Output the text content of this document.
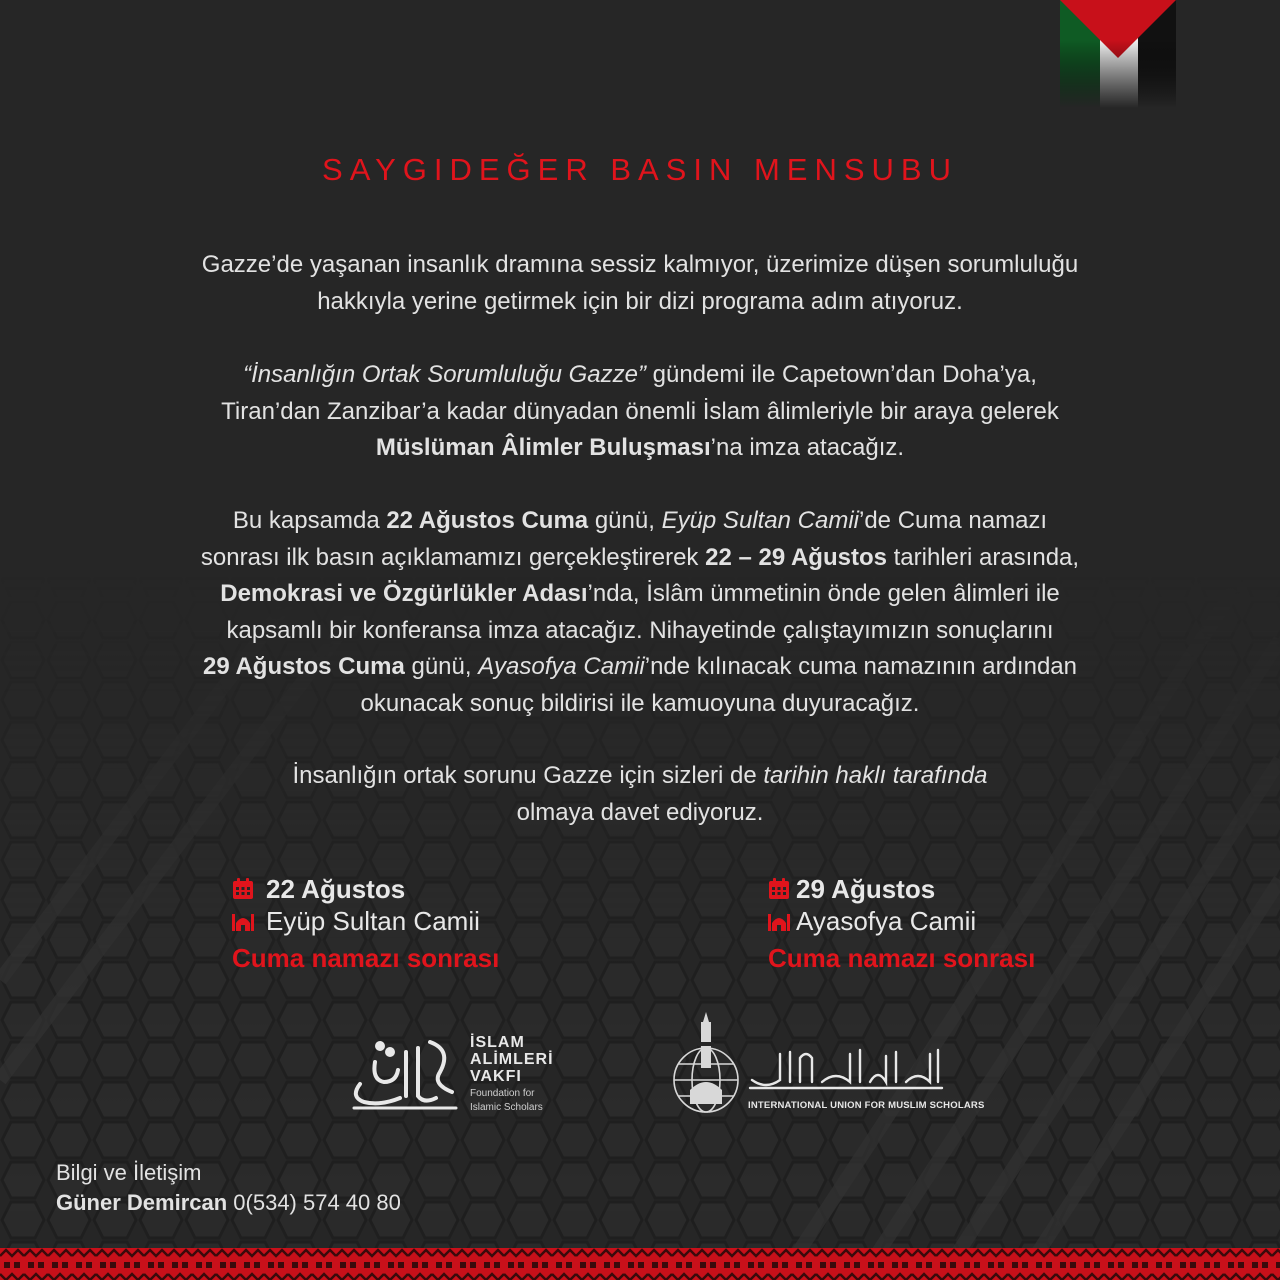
SAYGIDEĞER BASIN MENSUBU

Gazze’de yaşanan insanlık dramına sessiz kalmıyor, üzerimize düşen sorumluluğu
hakkıyla yerine getirmek için bir dizi programa adım atıyoruz.

“İnsanlığın Ortak Sorumluluğu Gazze” gündemi ile Capetown’dan Doha’ya,
Tiran’dan Zanzibar’a kadar dünyadan önemli İslam âlimleriyle bir araya gelerek
Müslüman Âlimler Buluşması’na imza atacağız.

Bu kapsamda 22 Ağustos Cuma günü, Eyüp Sultan Camii’de Cuma namazı
sonrası ilk basın açıklamamızı gerçekleştirerek 22 – 29 Ağustos tarihleri arasında,
Demokrasi ve Özgürlükler Adası’nda, İslâm ümmetinin önde gelen âlimleri ile
kapsamlı bir konferansa imza atacağız. Nihayetinde çalıştayımızın sonuçlarını
29 Ağustos Cuma günü, Ayasofya Camii’nde kılınacak cuma namazının ardından
okunacak sonuç bildirisi ile kamuoyuna duyuracağız.

İnsanlığın ortak sorunu Gazze için sizleri de tarihin haklı tarafında
olmaya davet ediyoruz.

22 Ağustos
Eyüp Sultan Camii
Cuma namazı sonrası
29 Ağustos
Ayasofya Camii
Cuma namazı sonrası
İSLAM
ALİMLERİ
VAKFI
Foundation for
Islamic Scholars	INTERNATIONAL UNION FOR MUSLIM SCHOLARS
Bilgi ve İletişim
Güner Demircan 0(534) 574 40 80
